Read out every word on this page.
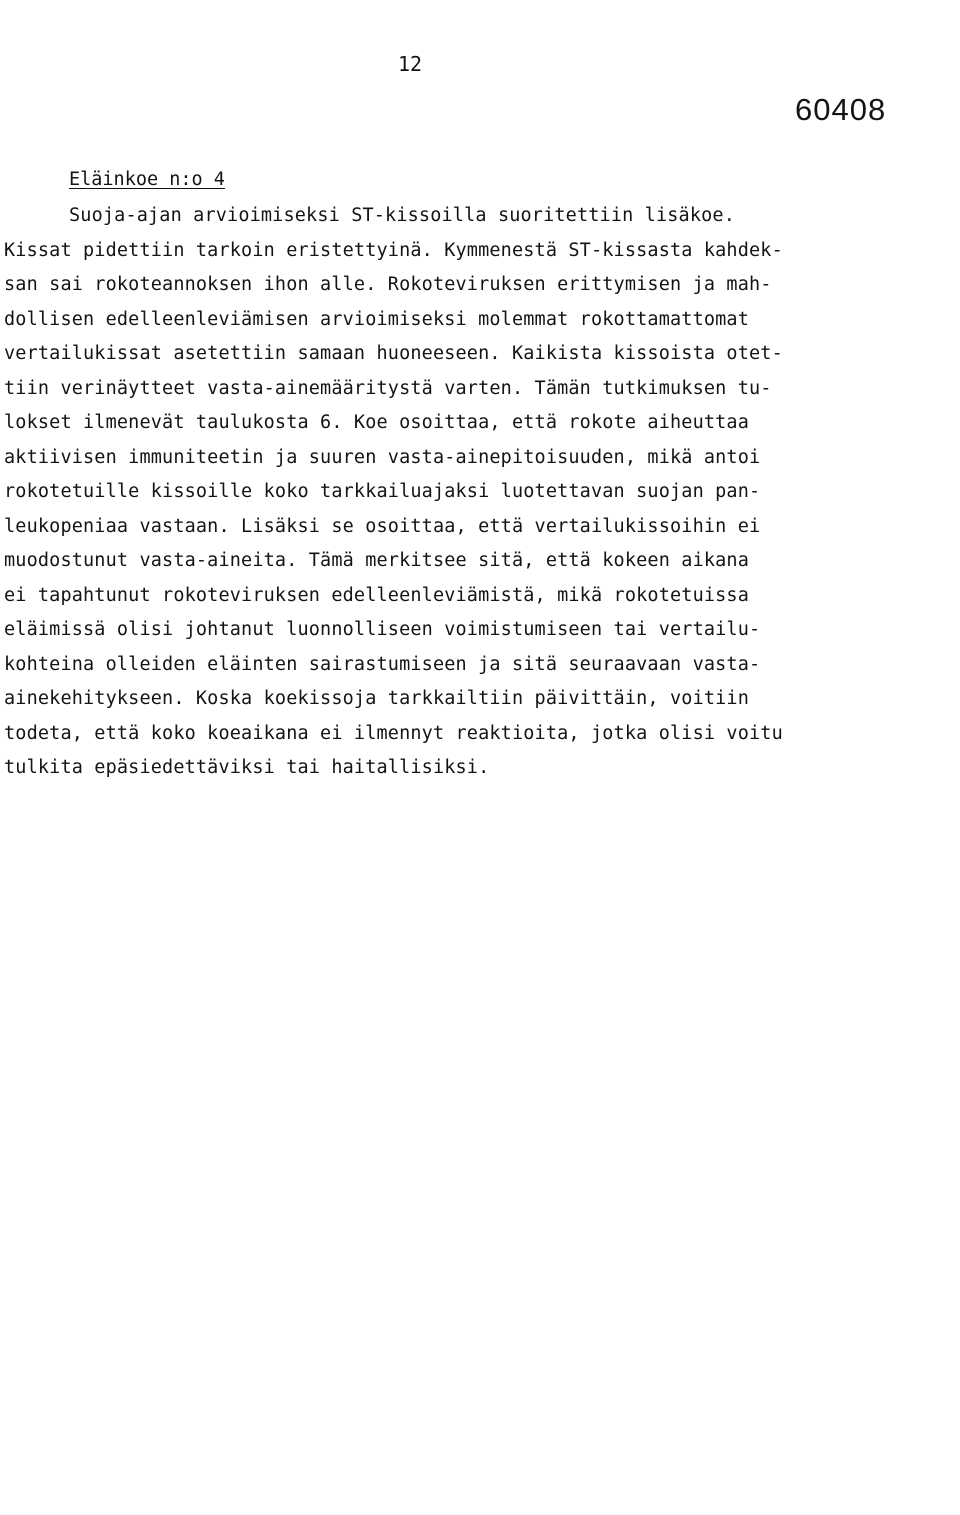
12
60408
Eläinkoe n:o 4
Suoja-ajan arvioimiseksi ST-kissoilla suoritettiin lisäkoe.
Kissat pidettiin tarkoin eristettyinä. Kymmenestä ST-kissasta kahdek-
san sai rokoteannoksen ihon alle. Rokoteviruksen erittymisen ja mah-
dollisen edelleenleviämisen arvioimiseksi molemmat rokottamattomat
vertailukissat asetettiin samaan huoneeseen. Kaikista kissoista otet-
tiin verinäytteet vasta-ainemääritystä varten. Tämän tutkimuksen tu-
lokset ilmenevät taulukosta 6. Koe osoittaa, että rokote aiheuttaa
aktiivisen immuniteetin ja suuren vasta-ainepitoisuuden, mikä antoi
rokotetuille kissoille koko tarkkailuajaksi luotettavan suojan pan-
leukopeniaa vastaan. Lisäksi se osoittaa, että vertailukissoihin ei
muodostunut vasta-aineita. Tämä merkitsee sitä, että kokeen aikana
ei tapahtunut rokoteviruksen edelleenleviämistä, mikä rokotetuissa
eläimissä olisi johtanut luonnolliseen voimistumiseen tai vertailu-
kohteina olleiden eläinten sairastumiseen ja sitä seuraavaan vasta-
ainekehitykseen. Koska koekissoja tarkkailtiin päivittäin, voitiin
todeta, että koko koeaikana ei ilmennyt reaktioita, jotka olisi voitu
tulkita epäsiedettäviksi tai haitallisiksi.
